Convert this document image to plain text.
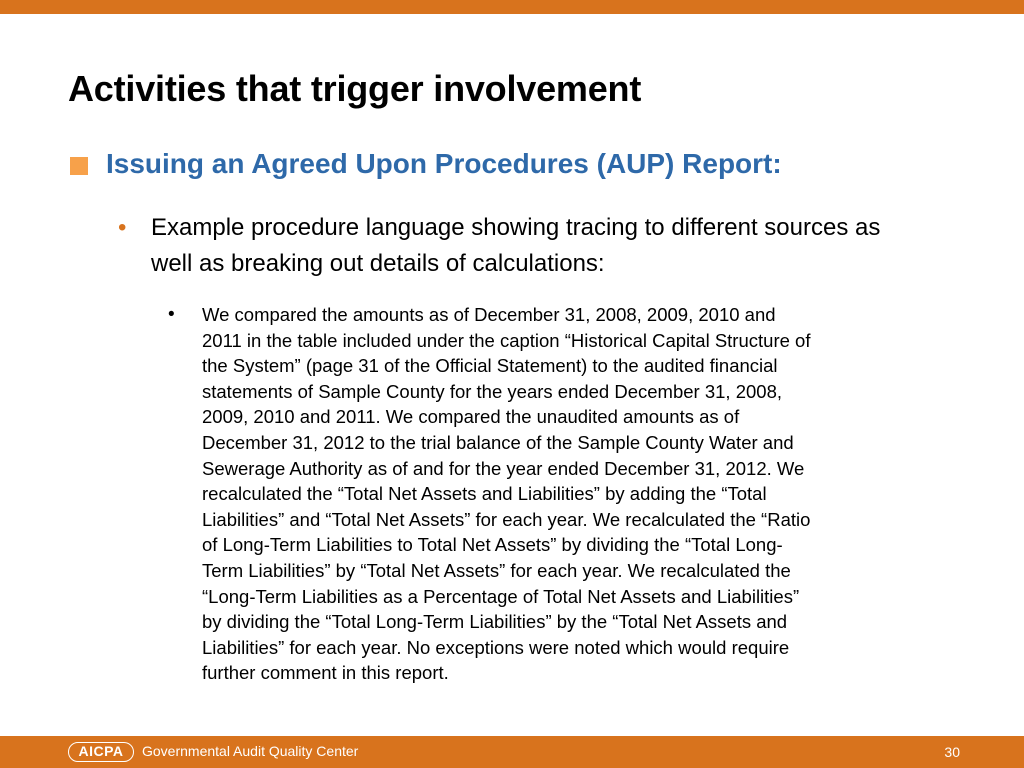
Activities that trigger involvement
Issuing an Agreed Upon Procedures (AUP) Report:
• Example procedure language showing tracing to different sources as well as breaking out details of calculations:
• We compared the amounts as of December 31, 2008, 2009, 2010 and
2011 in the table included under the caption “Historical Capital Structure of
the System” (page 31 of the Official Statement) to the audited financial
statements of Sample County for the years ended December 31, 2008,
2009, 2010 and 2011. We compared the unaudited amounts as of
December 31, 2012 to the trial balance of the Sample County Water and
Sewerage Authority as of and for the year ended December 31, 2012. We
recalculated the “Total Net Assets and Liabilities” by adding the “Total
Liabilities” and “Total Net Assets” for each year. We recalculated the “Ratio
of Long-Term Liabilities to Total Net Assets” by dividing the “Total Long-
Term Liabilities” by “Total Net Assets” for each year. We recalculated the
“Long-Term Liabilities as a Percentage of Total Net Assets and Liabilities”
by dividing the “Total Long-Term Liabilities” by the “Total Net Assets and
Liabilities” for each year. No exceptions were noted which would require
further comment in this report.
AICPA	Governmental Audit Quality Center	30
